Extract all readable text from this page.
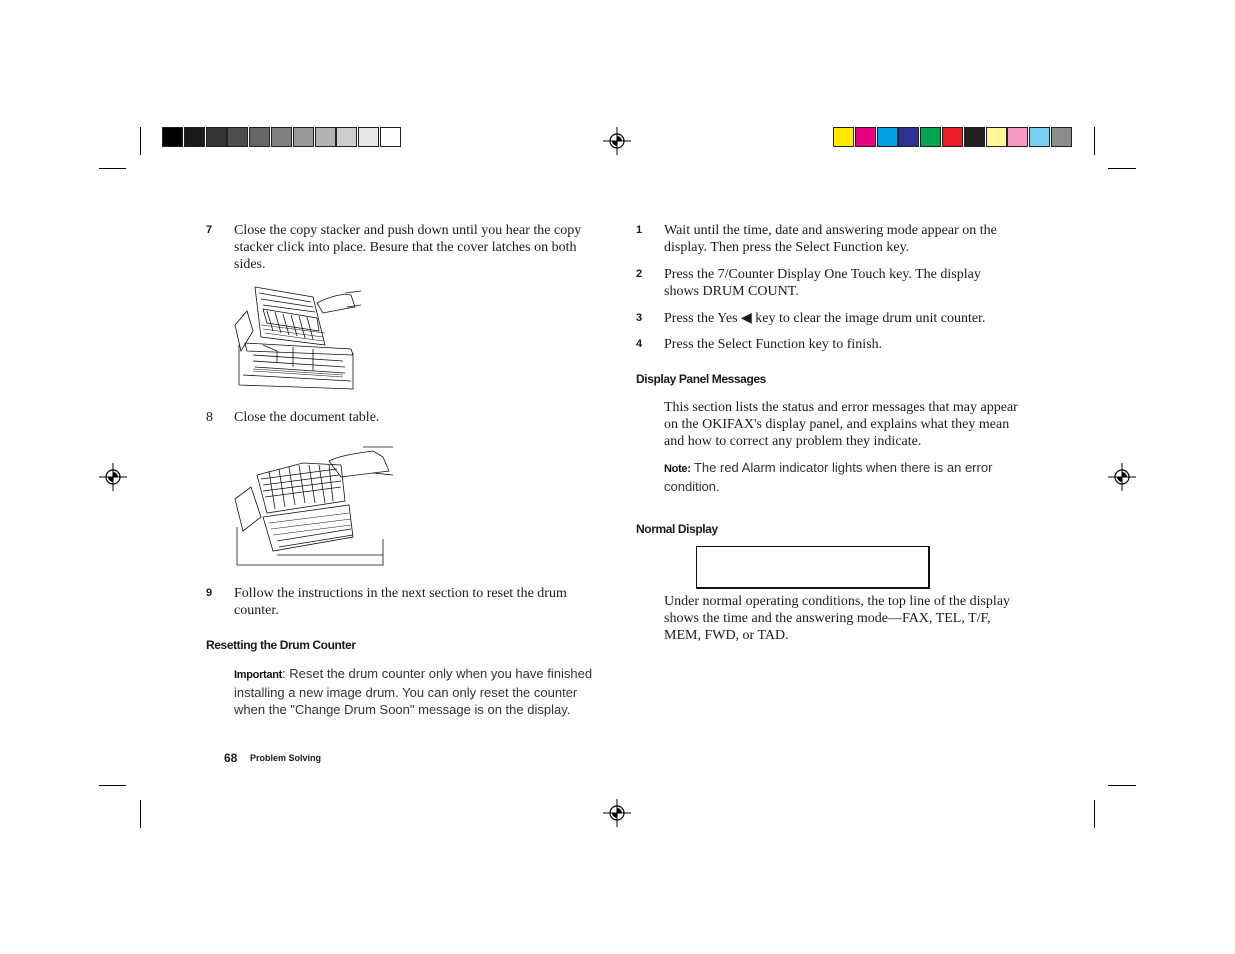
7 Close the copy stacker and push down until you hear the copy stacker click into place. Besure that the cover latches on both sides.
8 Close the document table.
9 Follow the instructions in the next section to reset the drum counter.
Resetting the Drum Counter
Important: Reset the drum counter only when you have finished installing a new image drum. You can only reset the counter when the "Change Drum Soon" message is on the display.
68 Problem Solving
1 Wait until the time, date and answering mode appear on the display. Then press the Select Function key.
2 Press the 7/Counter Display One Touch key. The display shows DRUM COUNT.
3 Press the Yes ◀ key to clear the image drum unit counter.
4 Press the Select Function key to finish.
Display Panel Messages
This section lists the status and error messages that may appear on the OKIFAX's display panel, and explains what they mean and how to correct any problem they indicate.
Note: The red Alarm indicator lights when there is an error condition.
Normal Display
Under normal operating conditions, the top line of the display shows the time and the answering mode—FAX, TEL, T/F, MEM, FWD, or TAD.
